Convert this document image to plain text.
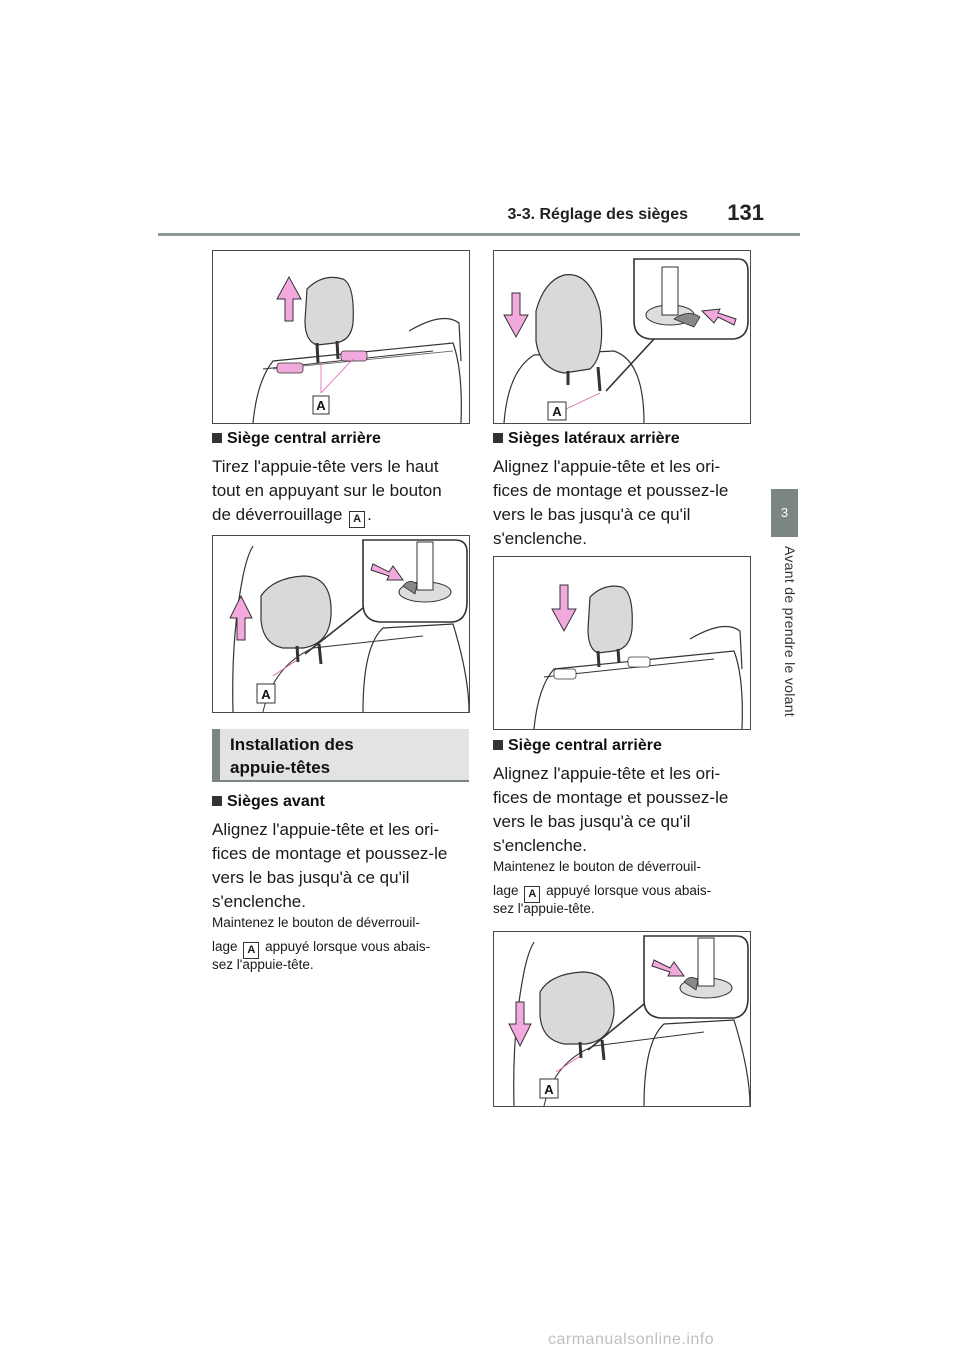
3-3. Réglage des sièges	131
3
Avant de prendre le volant
A
Siège central arrière
Tirez l'appuie-tête vers le haut
tout en appuyant sur le bouton
de déverrouillage A .
A
Installation des
appuie-têtes
Sièges avant
Alignez l'appuie-tête et les ori-
fices de montage et poussez-le
vers le bas jusqu'à ce qu'il
s'enclenche.
Maintenez le bouton de déverrouil-
lage A appuyé lorsque vous abais-
sez l'appuie-tête.
A
Sièges latéraux arrière
Alignez l'appuie-tête et les ori-
fices de montage et poussez-le
vers le bas jusqu'à ce qu'il
s'enclenche.
Siège central arrière
Alignez l'appuie-tête et les ori-
fices de montage et poussez-le
vers le bas jusqu'à ce qu'il
s'enclenche.
Maintenez le bouton de déverrouil-
lage A appuyé lorsque vous abais-
sez l'appuie-tête.
A
carmanualsonline.info
